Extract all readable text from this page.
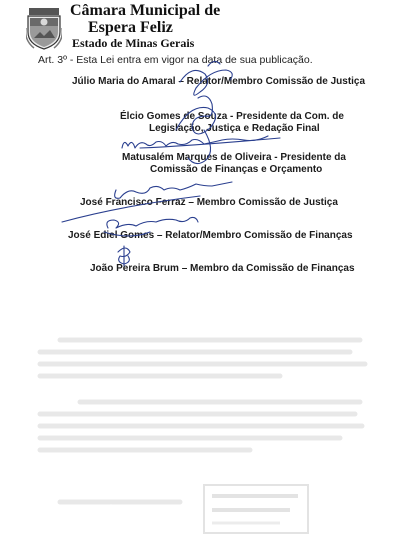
Câmara Municipal de
Espera Feliz
Estado de Minas Gerais
Art. 3º - Esta Lei entra em vigor na data de sua publicação.
Júlio Maria do Amaral – Relator/Membro Comissão de Justiça
Élcio Gomes de Souza - Presidente da Com. de
Legislação, Justiça e Redação Final
Matusalém Marques de Oliveira - Presidente da
Comissão de Finanças e Orçamento
José Francisco Ferraz – Membro Comissão de Justiça
José Ediel Gomes – Relator/Membro Comissão de Finanças
João Pereira Brum – Membro da Comissão de Finanças
